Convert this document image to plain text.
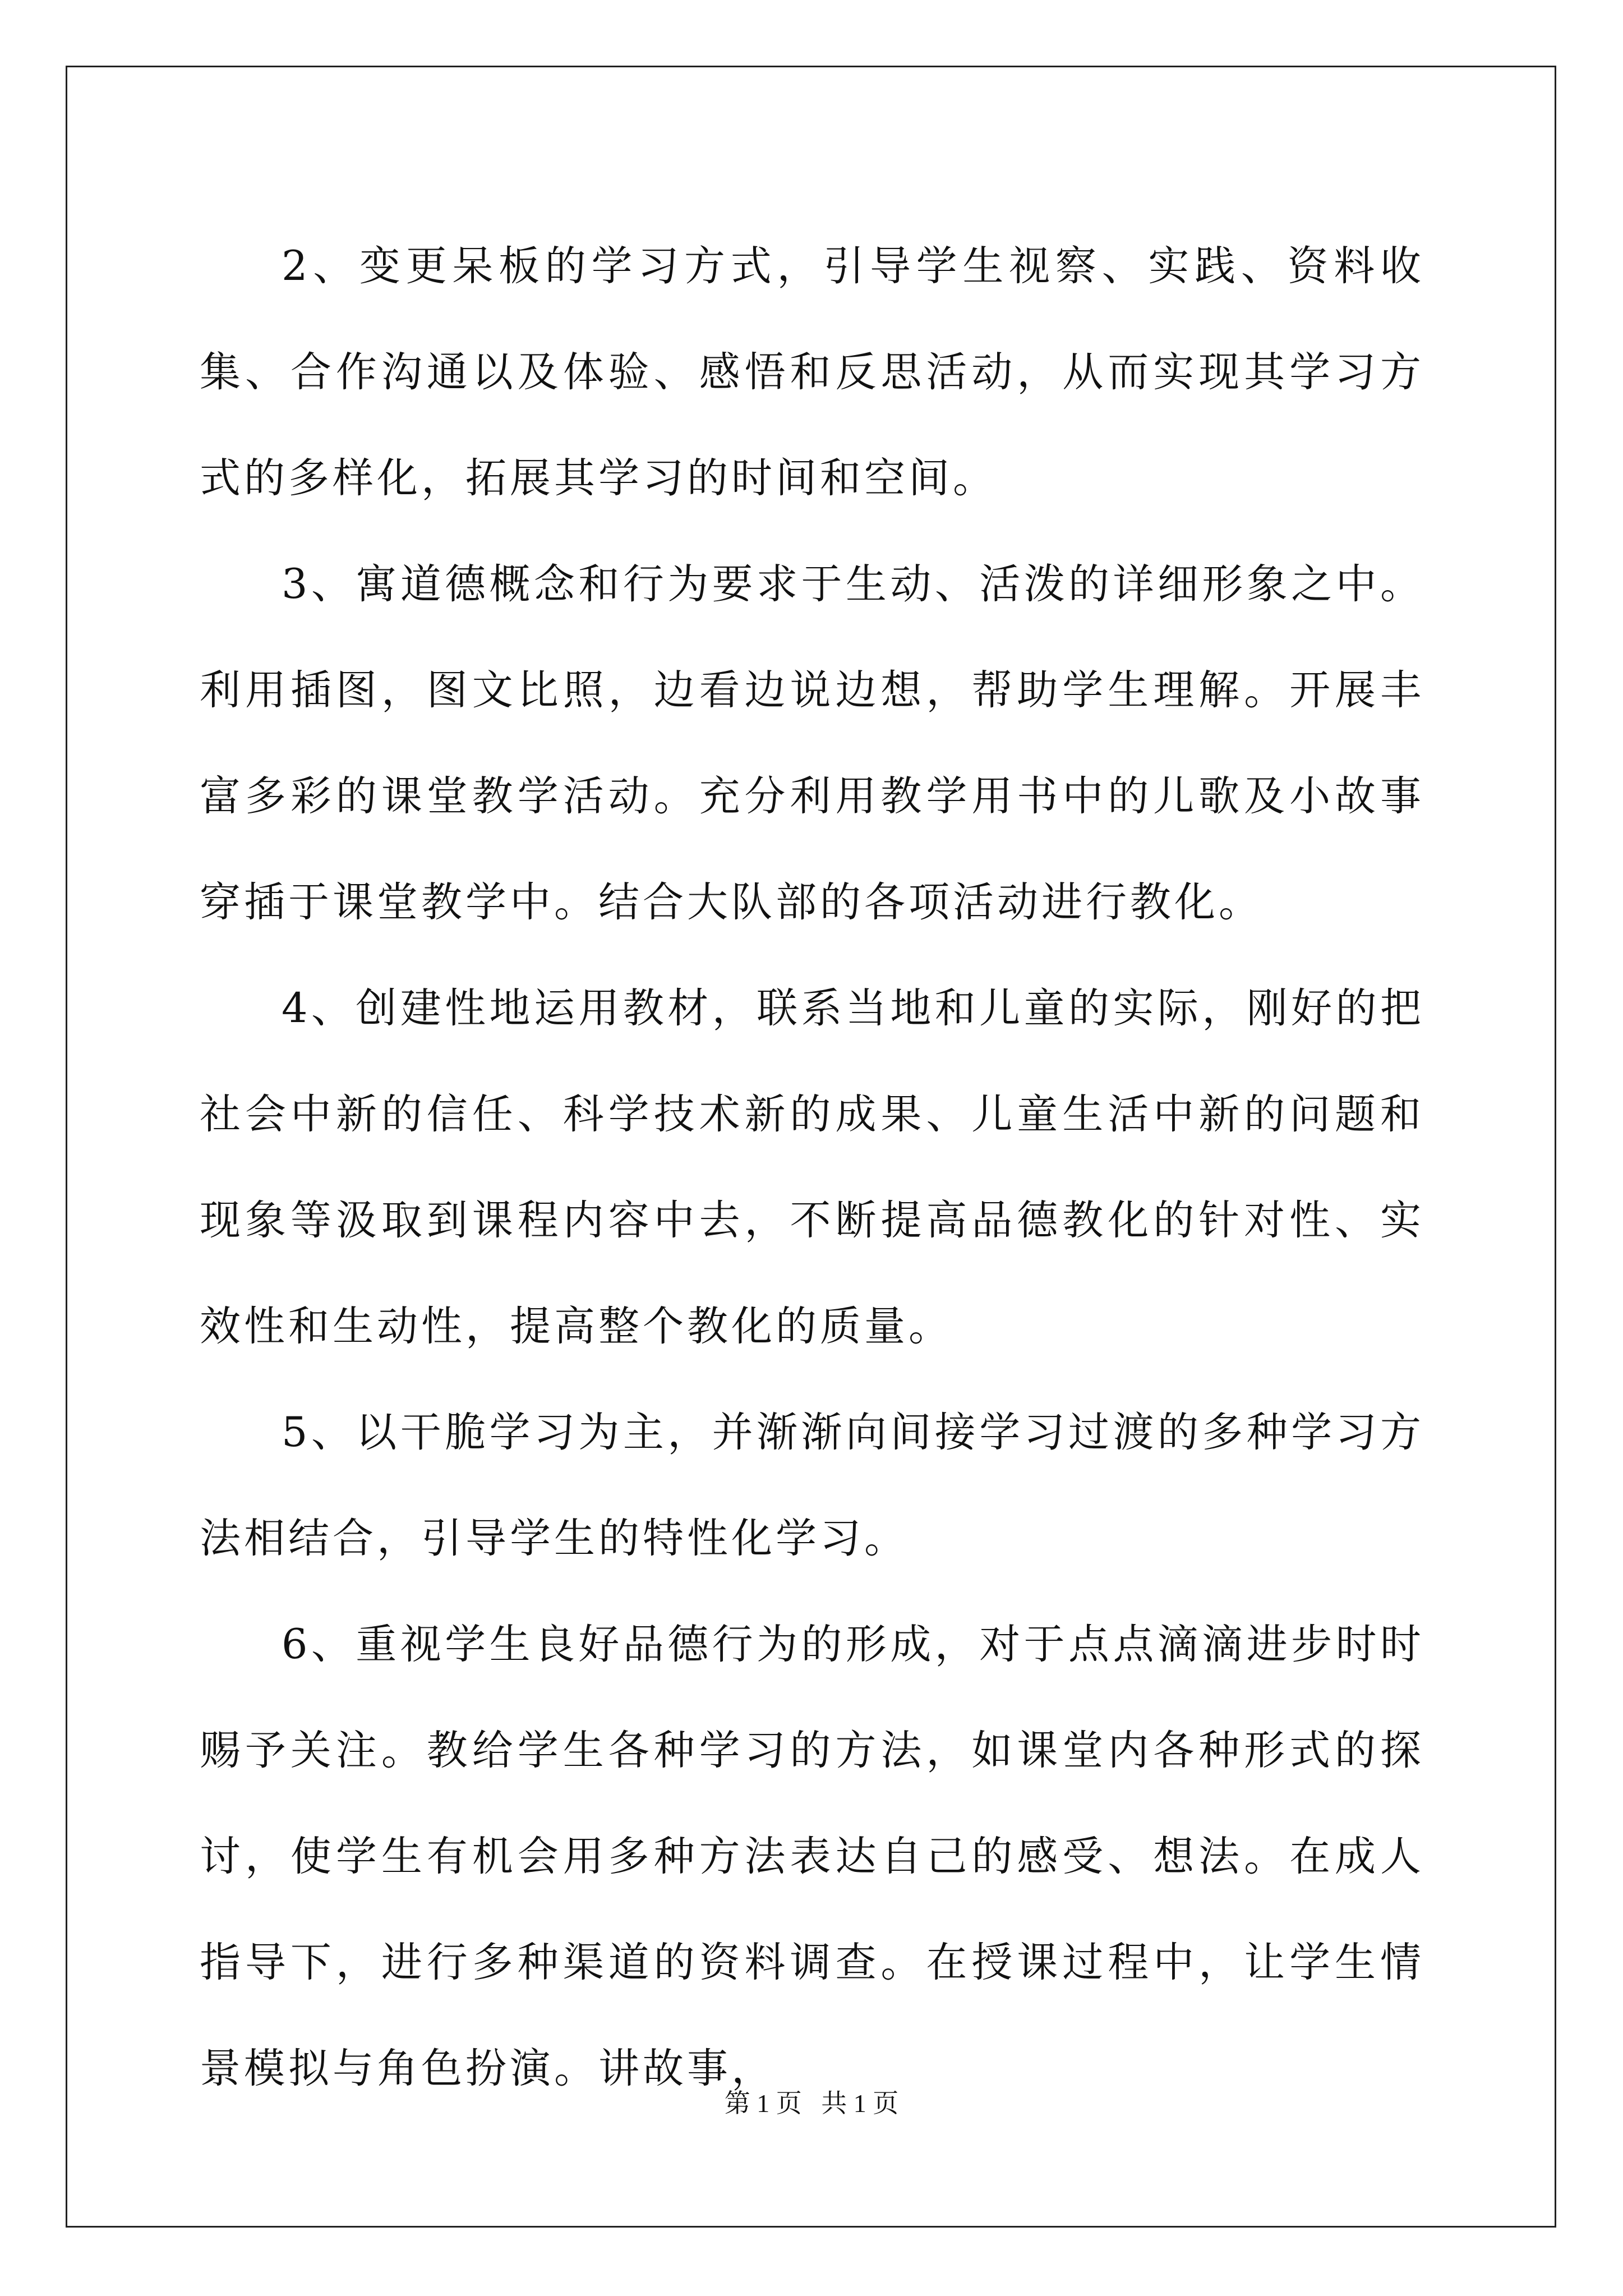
2、变更呆板的学习方式，引导学生视察、实践、资料收集、合作沟通以及体验、感悟和反思活动，从而实现其学习方式的多样化，拓展其学习的时间和空间。

3、寓道德概念和行为要求于生动、活泼的详细形象之中。利用插图，图文比照，边看边说边想，帮助学生理解。开展丰富多彩的课堂教学活动。充分利用教学用书中的儿歌及小故事穿插于课堂教学中。结合大队部的各项活动进行教化。

4、创建性地运用教材，联系当地和儿童的实际，刚好的把社会中新的信任、科学技术新的成果、儿童生活中新的问题和现象等汲取到课程内容中去，不断提高品德教化的针对性、实效性和生动性，提高整个教化的质量。

5、以干脆学习为主，并渐渐向间接学习过渡的多种学习方法相结合，引导学生的特性化学习。

6、重视学生良好品德行为的形成，对于点点滴滴进步时时赐予关注。教给学生各种学习的方法，如课堂内各种形式的探讨，使学生有机会用多种方法表达自己的感受、想法。在成人指导下，进行多种渠道的资料调查。在授课过程中，让学生情景模拟与角色扮演。讲故事，

第 1 页   共 1 页
